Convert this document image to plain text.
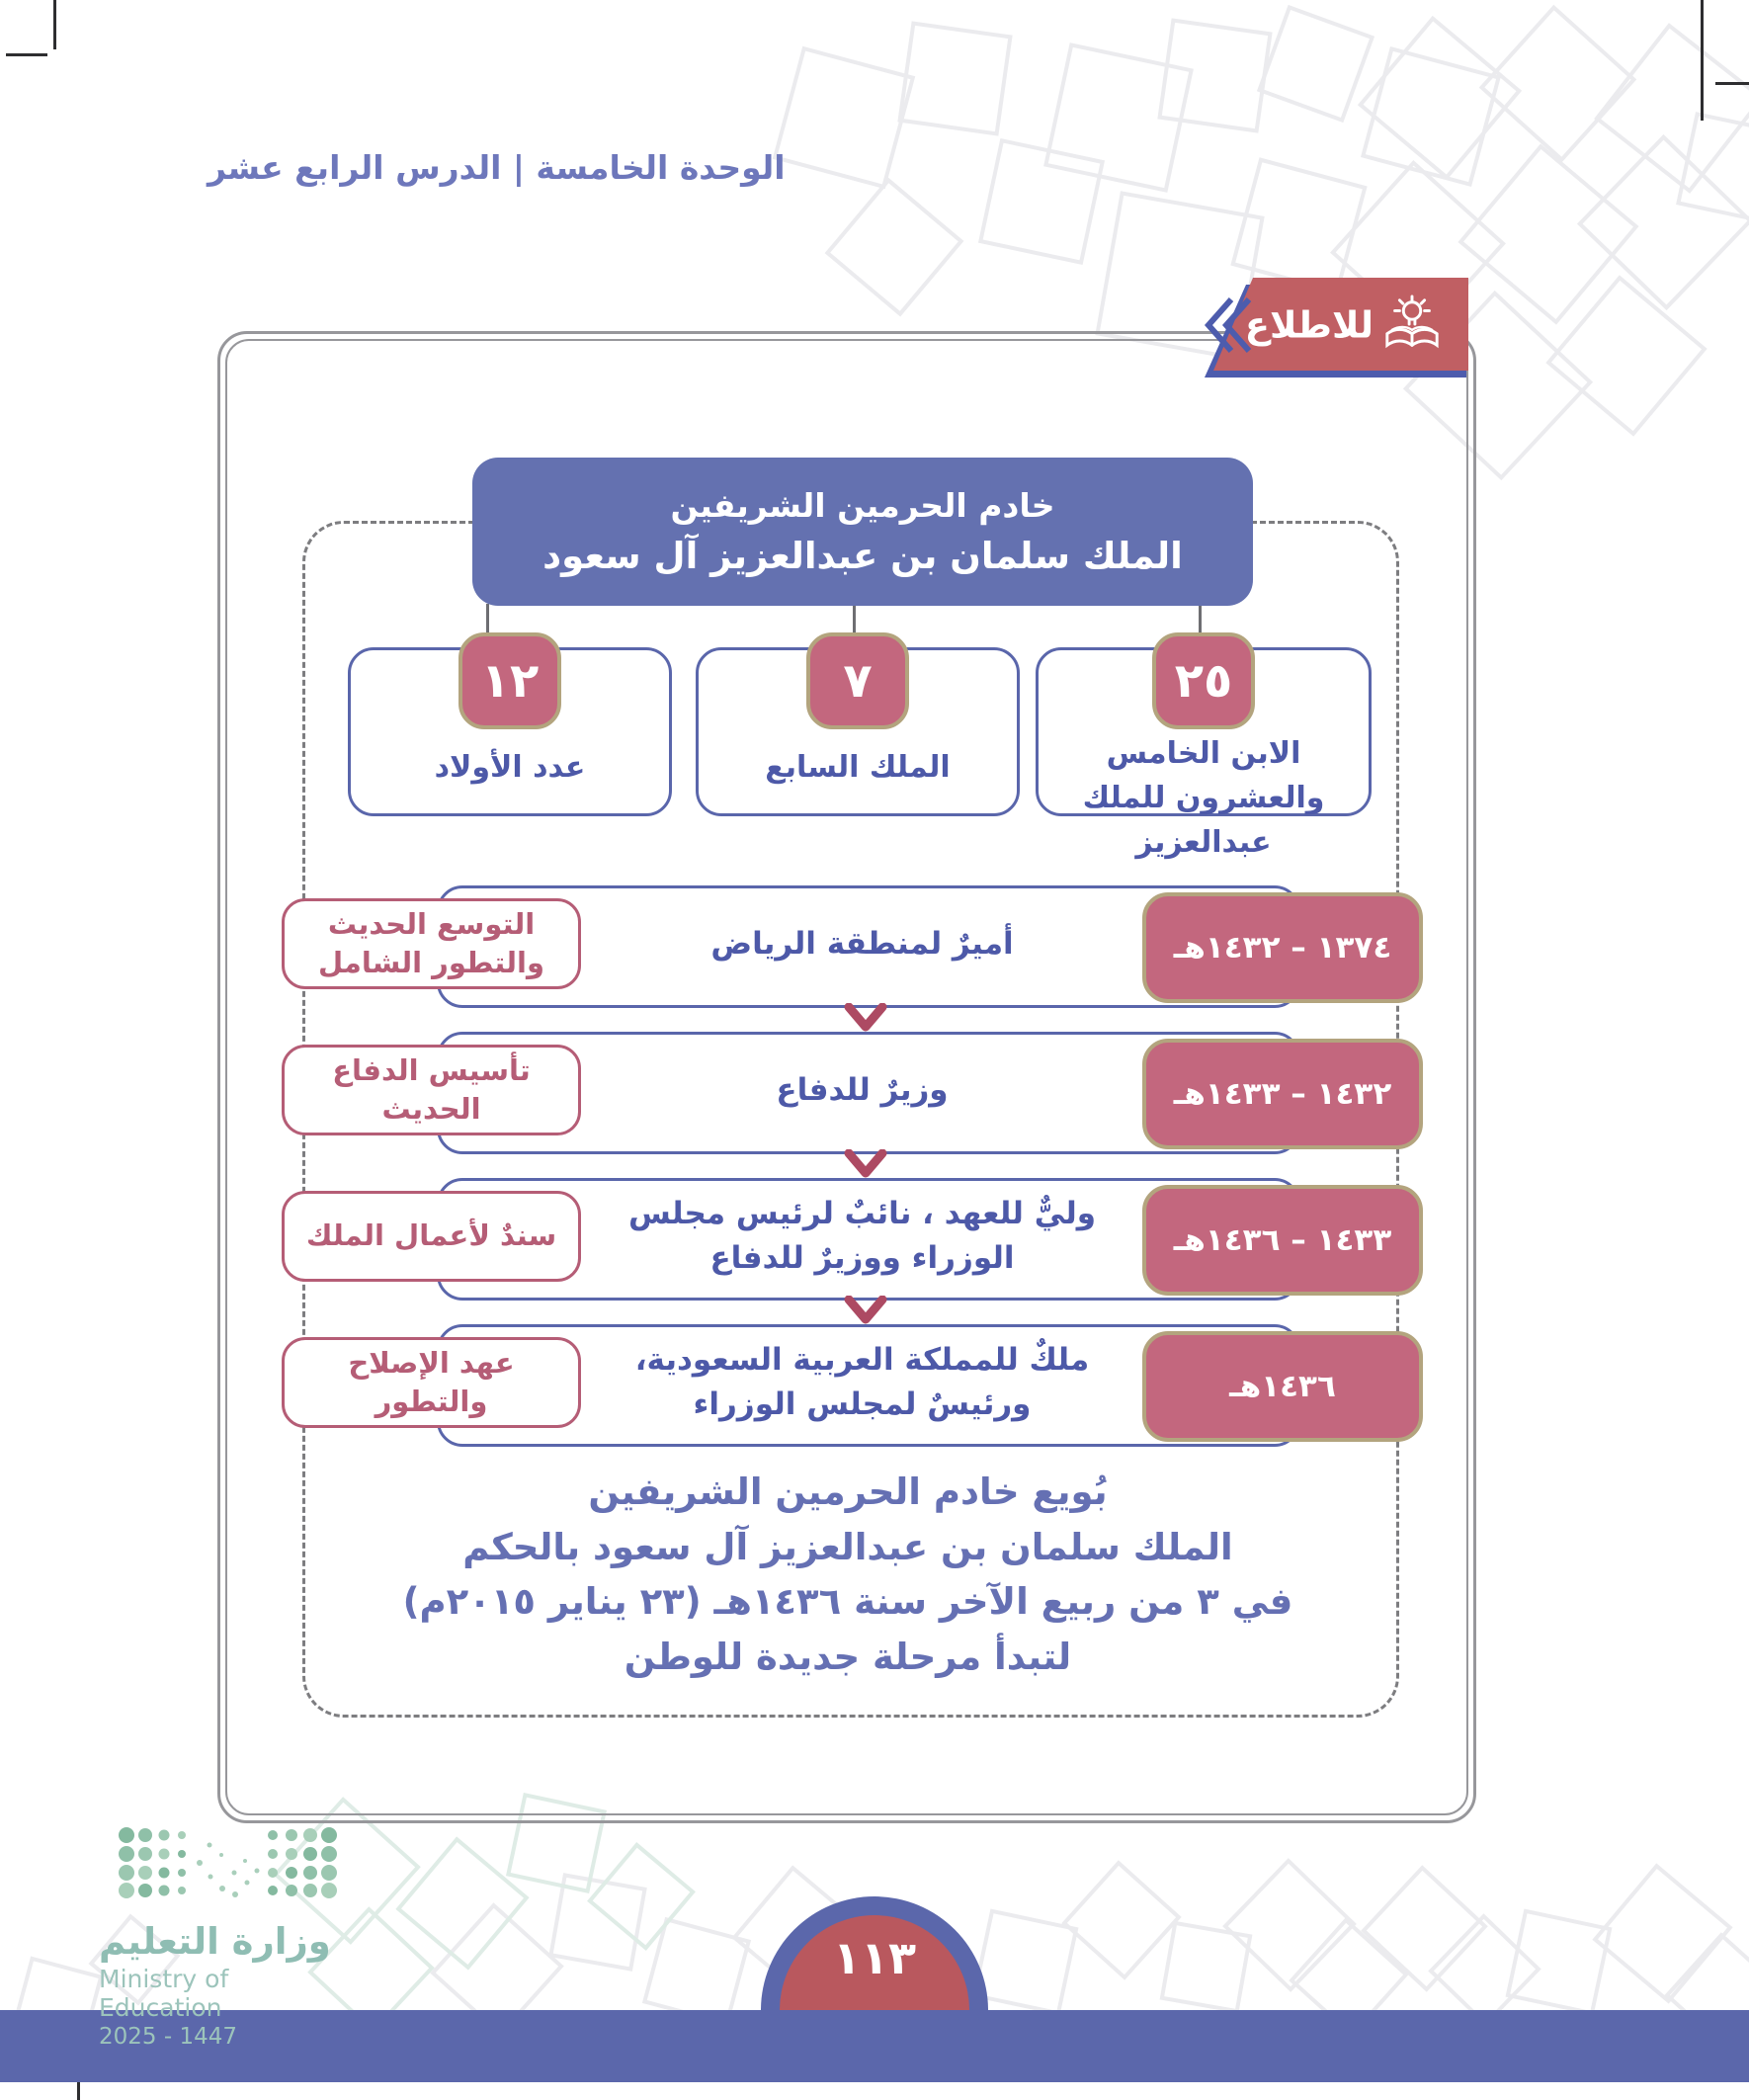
الوحدة الخامسة | الدرس الرابع عشر
للاطلاع
خادم الحرمين الشريفين
الملك سلمان بن عبدالعزيز آل سعود
٢٥
الابن الخامس والعشرون للملك عبدالعزيز
٧
الملك السابع
١٢
عدد الأولاد
أميرٌ لمنطقة الرياض	١٣٧٤ – ١٤٣٢هـ
التوسع الحديث والتطور الشامل
وزيرٌ للدفاع	١٤٣٢ – ١٤٣٣هـ
تأسيس الدفاع الحديث
وليٌّ للعهد ، نائبٌ لرئيس مجلس الوزراء ووزيرٌ للدفاع	١٤٣٣ – ١٤٣٦هـ
سندٌ لأعمال الملك
ملكٌ للمملكة العربية السعودية، ورئيسٌ لمجلس الوزراء	١٤٣٦هـ
عهد الإصلاح والتطور
بُويع خادم الحرمين الشريفين
الملك سلمان بن عبدالعزيز آل سعود بالحكم
في ٣ من ربيع الآخر سنة ١٤٣٦هـ (٢٣ يناير ٢٠١٥م)
لتبدأ مرحلة جديدة للوطن
وزارة التعليم
Ministry of Education
2025 - 1447
١١٣
